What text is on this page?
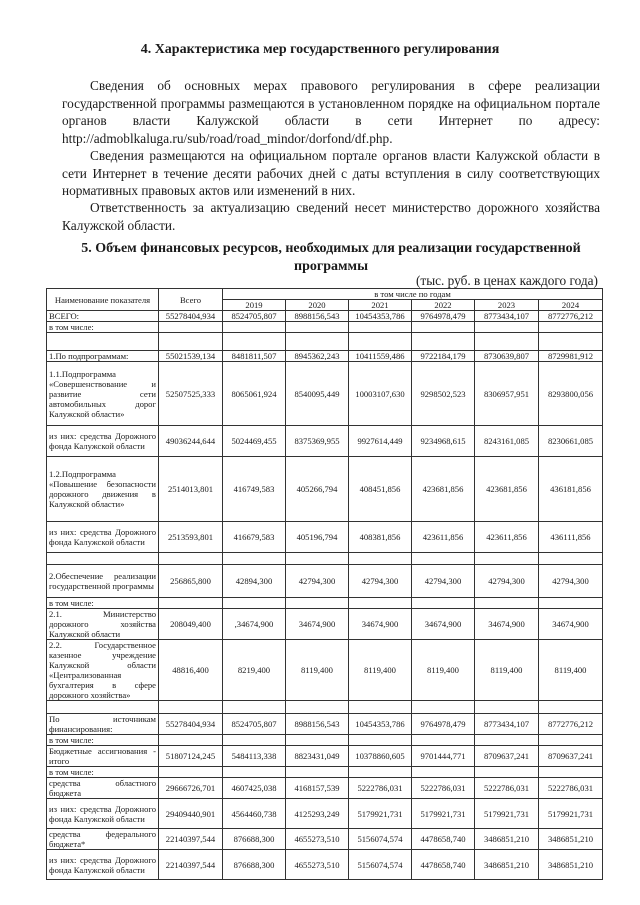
4. Характеристика мер государственного регулирования

Сведения об основных мерах правового регулирования в сфере реализации государственной программы размещаются в установленном порядке на официальном портале органов власти Калужской области в сети Интернет по адресу: http://admoblkaluga.ru/sub/road/road_mindor/dorfond/df.php.

Сведения размещаются на официальном портале органов власти Калужской области в сети Интернет в течение десяти рабочих дней с даты вступления в силу соответствующих нормативных правовых актов или изменений в них.

Ответственность за актуализацию сведений несет министерство дорожного хозяйства Калужской области.

5. Объем финансовых ресурсов, необходимых для реализации государственной программы
(тыс. руб. в ценах каждого года)
Наименование показателя	Всего	в том числе по годам					
		2019	2020	2021	2022	2023	2024
ВСЕГО:	55278404,934	8524705,807	8988156,543	10454353,786	9764978,479	8773434,107	8772776,212
в том числе:							

1.По подпрограммам:	55021539,134	8481811,507	8945362,243	10411559,486	9722184,179	8730639,807	8729981,912
1.1.Подпрограмма «Совершенствование и развитие сети автомобильных дорог Калужской области»	52507525,333	8065061,924	8540095,449	10003107,630	9298502,523	8306957,951	8293800,056
из них: средства Дорожного фонда Калужской области	49036244,644	5024469,455	8375369,955	9927614,449	9234968,615	8243161,085	8230661,085
1.2.Подпрограмма «Повышение безопасности дорожного движения в Калужской области»	2514013,801	416749,583	405266,794	408451,856	423681,856	423681,856	436181,856
из них: средства Дорожного фонда Калужской области	2513593,801	416679,583	405196,794	408381,856	423611,856	423611,856	436111,856

2.Обеспечение реализации государственной программы	256865,800	42894,300	42794,300	42794,300	42794,300	42794,300	42794,300
в том числе:							
2.1. Министерство дорожного хозяйства Калужской области	208049,400	,34674,900	34674,900	34674,900	34674,900	34674,900	34674,900
2.2. Государственное казенное учреждение Калужской области «Централизованная бухгалтерия в сфере дорожного хозяйства»	48816,400	8219,400	8119,400	8119,400	8119,400	8119,400	8119,400

По источникам финансирования:	55278404,934	8524705,807	8988156,543	10454353,786	9764978,479	8773434,107	8772776,212
в том числе:							
Бюджетные ассигнования - итого	51807124,245	5484113,338	8823431,049	10378860,605	9701444,771	8709637,241	8709637,241
в том числе:							
средства областного бюджета	29666726,701	4607425,038	4168157,539	5222786,031	5222786,031	5222786,031	5222786,031
из них: средства Дорожного фонда Калужской области	29409440,901	4564460,738	4125293,249	5179921,731	5179921,731	5179921,731	5179921,731
средства федерального бюджета*	22140397,544	876688,300	4655273,510	5156074,574	4478658,740	3486851,210	3486851,210
из них: средства Дорожного фонда Калужской области	22140397,544	876688,300	4655273,510	5156074,574	4478658,740	3486851,210	3486851,210
